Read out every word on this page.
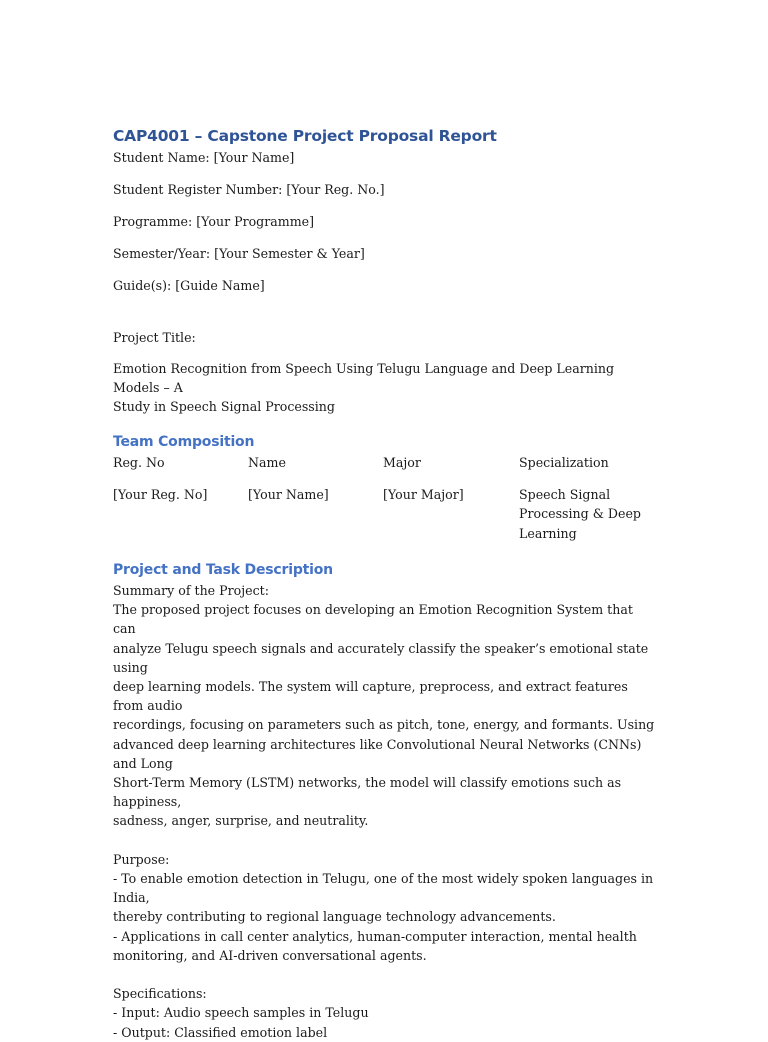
CAP4001 – Capstone Project Proposal Report

Student Name: [Your Name]

Student Register Number: [Your Reg. No.]

Programme: [Your Programme]

Semester/Year: [Your Semester & Year]

Guide(s): [Guide Name]

Project Title:

Emotion Recognition from Speech Using Telugu Language and Deep Learning Models – A
Study in Speech Signal Processing
Team Composition
Reg. No	Name	Major	Specialization
[Your Reg. No]	[Your Name]	[Your Major]	Speech Signal
Processing & Deep
Learning
Project and Task Description
Summary of the Project:
The proposed project focuses on developing an Emotion Recognition System that can
analyze Telugu speech signals and accurately classify the speaker’s emotional state using
deep learning models. The system will capture, preprocess, and extract features from audio
recordings, focusing on parameters such as pitch, tone, energy, and formants. Using
advanced deep learning architectures like Convolutional Neural Networks (CNNs) and Long
Short-Term Memory (LSTM) networks, the model will classify emotions such as happiness,
sadness, anger, surprise, and neutrality.
Purpose:
- To enable emotion detection in Telugu, one of the most widely spoken languages in India,
thereby contributing to regional language technology advancements.
- Applications in call center analytics, human-computer interaction, mental health
monitoring, and AI-driven conversational agents.
Specifications:
- Input: Audio speech samples in Telugu
- Output: Classified emotion label
